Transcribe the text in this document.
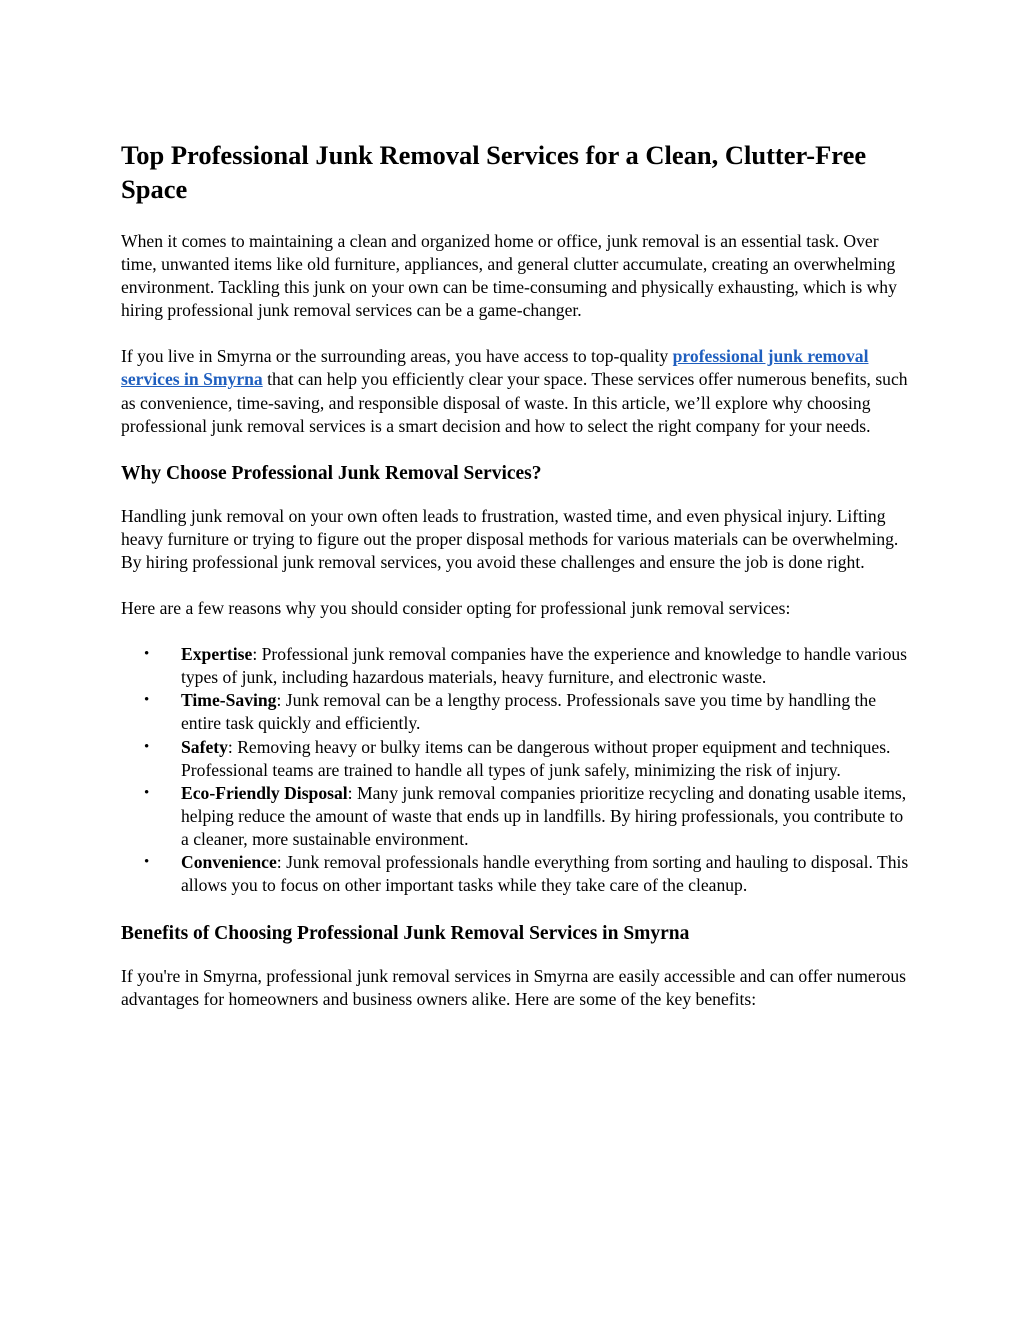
Top Professional Junk Removal Services for a Clean, Clutter-Free Space

When it comes to maintaining a clean and organized home or office, junk removal is an essential task. Over time, unwanted items like old furniture, appliances, and general clutter accumulate, creating an overwhelming environment. Tackling this junk on your own can be time-consuming and physically exhausting, which is why hiring professional junk removal services can be a game-changer.

If you live in Smyrna or the surrounding areas, you have access to top-quality professional junk removal services in Smyrna that can help you efficiently clear your space. These services offer numerous benefits, such as convenience, time-saving, and responsible disposal of waste. In this article, we’ll explore why choosing professional junk removal services is a smart decision and how to select the right company for your needs.

Why Choose Professional Junk Removal Services?

Handling junk removal on your own often leads to frustration, wasted time, and even physical injury. Lifting heavy furniture or trying to figure out the proper disposal methods for various materials can be overwhelming. By hiring professional junk removal services, you avoid these challenges and ensure the job is done right.

Here are a few reasons why you should consider opting for professional junk removal services:

• Expertise: Professional junk removal companies have the experience and knowledge to handle various types of junk, including hazardous materials, heavy furniture, and electronic waste.
• Time-Saving: Junk removal can be a lengthy process. Professionals save you time by handling the entire task quickly and efficiently.
• Safety: Removing heavy or bulky items can be dangerous without proper equipment and techniques. Professional teams are trained to handle all types of junk safely, minimizing the risk of injury.
• Eco-Friendly Disposal: Many junk removal companies prioritize recycling and donating usable items, helping reduce the amount of waste that ends up in landfills. By hiring professionals, you contribute to a cleaner, more sustainable environment.
• Convenience: Junk removal professionals handle everything from sorting and hauling to disposal. This allows you to focus on other important tasks while they take care of the cleanup.
Benefits of Choosing Professional Junk Removal Services in Smyrna

If you're in Smyrna, professional junk removal services in Smyrna are easily accessible and can offer numerous advantages for homeowners and business owners alike. Here are some of the key benefits:
